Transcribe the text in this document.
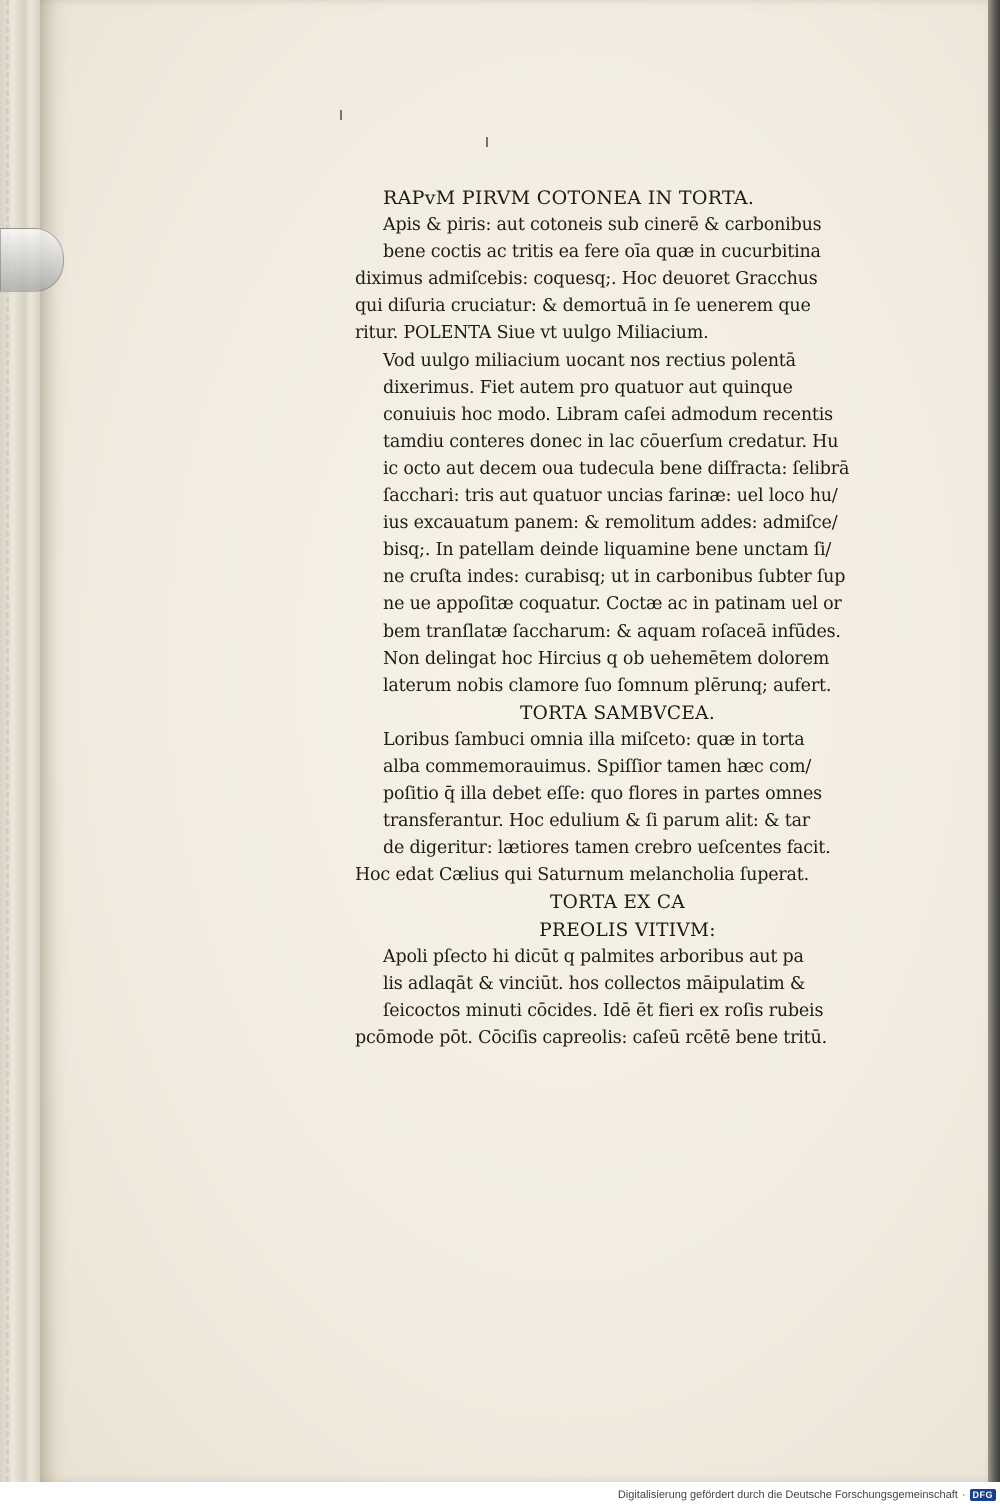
RAPvM PIRVM COTONEA IN TORTA.
Apis & piris: aut cotoneis sub cinerē & carbonibus
bene coctis ac tritis ea fere oīa quæ in cucurbitina
diximus admiſcebis: coquesq;. Hoc deuoret Gracchus
qui diſuria cruciatur: & demortuā in ſe uenerem que
ritur. POLENTA Siue vt uulgo Miliacium.
Vod uulgo miliacium uocant nos rectius polentā
dixerimus. Fiet autem pro quatuor aut quinque
conuiuis hoc modo. Libram caſei admodum recentis
tamdiu conteres donec in lac cōuerſum credatur. Hu
ic octo aut decem oua tudecula bene diſfracta: ſelibrā
ſacchari: tris aut quatuor uncias farinæ: uel loco hu/
ius excauatum panem: & remolitum addes: admiſce/
bisq;. In patellam deinde liquamine bene unctam ſi/
ne cruſta indes: curabisq; ut in carbonibus ſubter ſup
ne ue appoſitæ coquatur. Coctæ ac in patinam uel or
bem tranſlatæ ſaccharum: & aquam roſaceā infūdes.
Non delingat hoc Hircius q ob uehemētem dolorem
laterum nobis clamore ſuo ſomnum plērunq; aufert.
TORTA SAMBVCEA.
Loribus ſambuci omnia illa miſceto: quæ in torta
alba commemorauimus. Spiſſior tamen hæc com/
poſitio q̄ illa debet eſſe: quo flores in partes omnes
transferantur. Hoc edulium & ſi parum alit: & tar
de digeritur: lætiores tamen crebro ueſcentes facit.
Hoc edat Cælius qui Saturnum melancholia ſuperat.
TORTA EX CA
PREOLIS VITIVM:
Apoli pſecto hi dicūt q palmites arboribus aut pa
lis adlaqāt & vinciūt. hos collectos māipulatim &
ſeicoctos minuti cōcides. Idē ēt fieri ex roſis rubeis
pcōmode pōt. Cōciſis capreolis: caſeū rcētē bene tritū.
Digitalisierung gefördert durch die Deutsche Forschungsgemeinschaft · DFG
